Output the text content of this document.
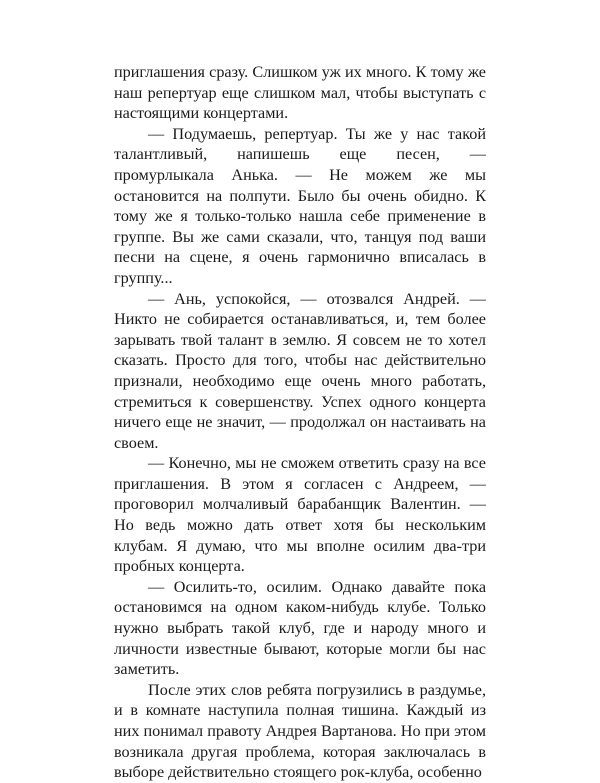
приглашения сразу. Слишком уж их много. К тому же наш репертуар еще слишком мал, чтобы выступать с настоящими концертами.

— Подумаешь, репертуар. Ты же у нас такой талантливый, напишешь еще песен, — промурлыкала Анька. — Не можем же мы остановится на полпути. Было бы очень обидно. К тому же я только-только нашла себе применение в группе. Вы же сами сказали, что, танцуя под ваши песни на сцене, я очень гармонично вписалась в группу...

— Ань, успокойся, — отозвался Андрей. — Никто не собирается останавливаться, и, тем более зарывать твой талант в землю. Я совсем не то хотел сказать. Просто для того, чтобы нас действительно признали, необходимо еще очень много работать, стремиться к совершенству. Успех одного концерта ничего еще не значит, — продолжал он настаивать на своем.

— Конечно, мы не сможем ответить сразу на все приглашения. В этом я согласен с Андреем, — проговорил молчаливый барабанщик Валентин. — Но ведь можно дать ответ хотя бы нескольким клубам. Я думаю, что мы вполне осилим два-три пробных концерта.

— Осилить-то, осилим. Однако давайте пока остановимся на одном каком-нибудь клубе. Только нужно выбрать такой клуб, где и народу много и личности известные бывают, которые могли бы нас заметить.

После этих слов ребята погрузились в раздумье, и в комнате наступила полная тишина. Каждый из них понимал правоту Андрея Вартанова. Но при этом возникала другая проблема, которая заключалась в выборе действительно стоящего рок-клуба, особенно
